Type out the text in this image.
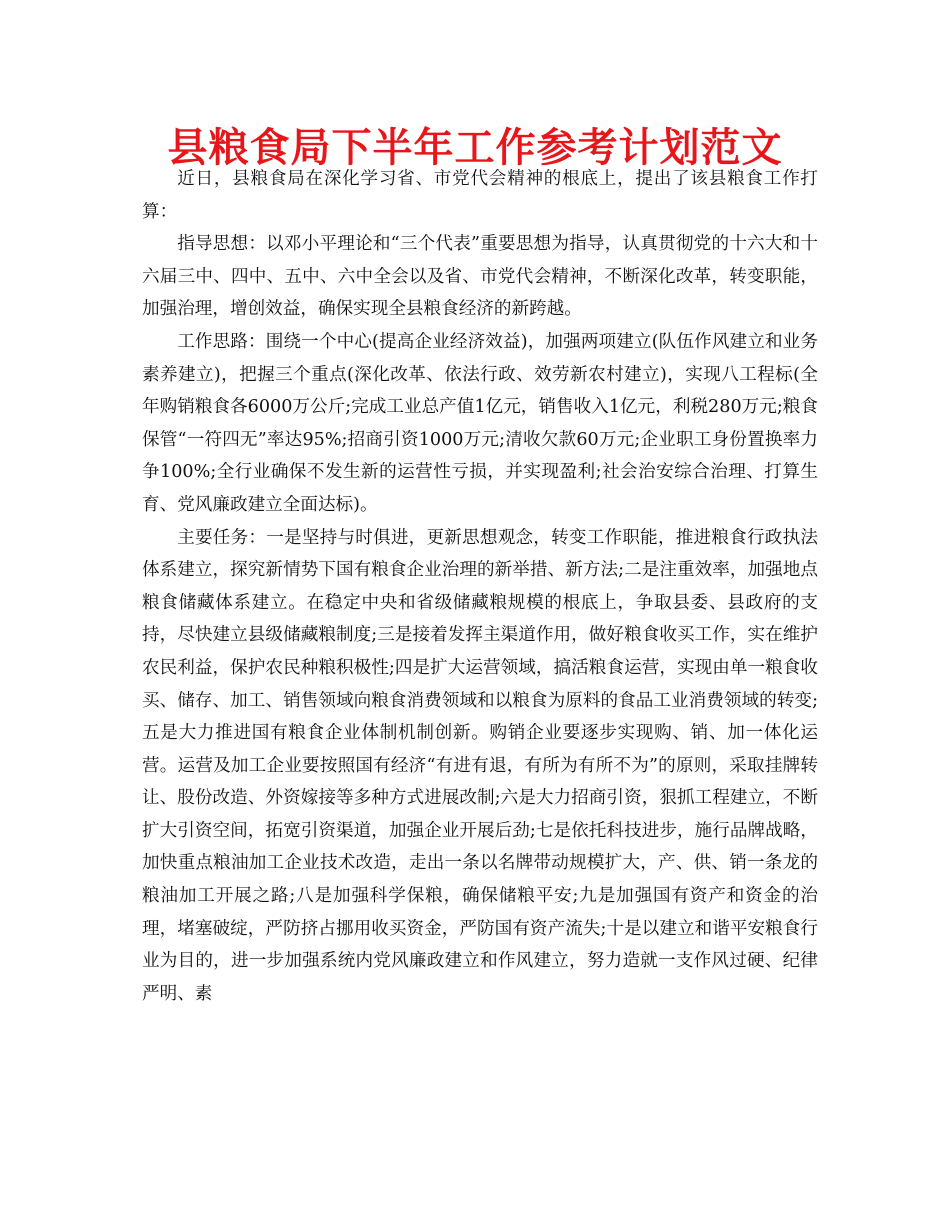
县粮食局下半年工作参考计划范文

近日，县粮食局在深化学习省、市党代会精神的根底上，提出了该县粮食工作打算：

指导思想：以邓小平理论和“三个代表”重要思想为指导，认真贯彻党的十六大和十六届三中、四中、五中、六中全会以及省、市党代会精神，不断深化改革，转变职能，加强治理，增创效益，确保实现全县粮食经济的新跨越。

工作思路：围绕一个中心(提高企业经济效益)，加强两项建立(队伍作风建立和业务素养建立)，把握三个重点(深化改革、依法行政、效劳新农村建立)，实现八工程标(全年购销粮食各6000万公斤;完成工业总产值1亿元，销售收入1亿元，利税280万元;粮食保管“一符四无”率达95%;招商引资1000万元;清收欠款60万元;企业职工身份置换率力争100%;全行业确保不发生新的运营性亏损，并实现盈利;社会治安综合治理、打算生育、党风廉政建立全面达标)。

主要任务：一是坚持与时俱进，更新思想观念，转变工作职能，推进粮食行政执法体系建立，探究新情势下国有粮食企业治理的新举措、新方法;二是注重效率，加强地点粮食储藏体系建立。在稳定中央和省级储藏粮规模的根底上，争取县委、县政府的支持，尽快建立县级储藏粮制度;三是接着发挥主渠道作用，做好粮食收买工作，实在维护农民利益，保护农民种粮积极性;四是扩大运营领域，搞活粮食运营，实现由单一粮食收买、储存、加工、销售领域向粮食消费领域和以粮食为原料的食品工业消费领域的转变;五是大力推进国有粮食企业体制机制创新。购销企业要逐步实现购、销、加一体化运营。运营及加工企业要按照国有经济“有进有退，有所为有所不为”的原则，采取挂牌转让、股份改造、外资嫁接等多种方式进展改制;六是大力招商引资，狠抓工程建立，不断扩大引资空间，拓宽引资渠道，加强企业开展后劲;七是依托科技进步，施行品牌战略，加快重点粮油加工企业技术改造，走出一条以名牌带动规模扩大，产、供、销一条龙的粮油加工开展之路;八是加强科学保粮，确保储粮平安;九是加强国有资产和资金的治理，堵塞破绽，严防挤占挪用收买资金，严防国有资产流失;十是以建立和谐平安粮食行业为目的，进一步加强系统内党风廉政建立和作风建立，努力造就一支作风过硬、纪律严明、素
